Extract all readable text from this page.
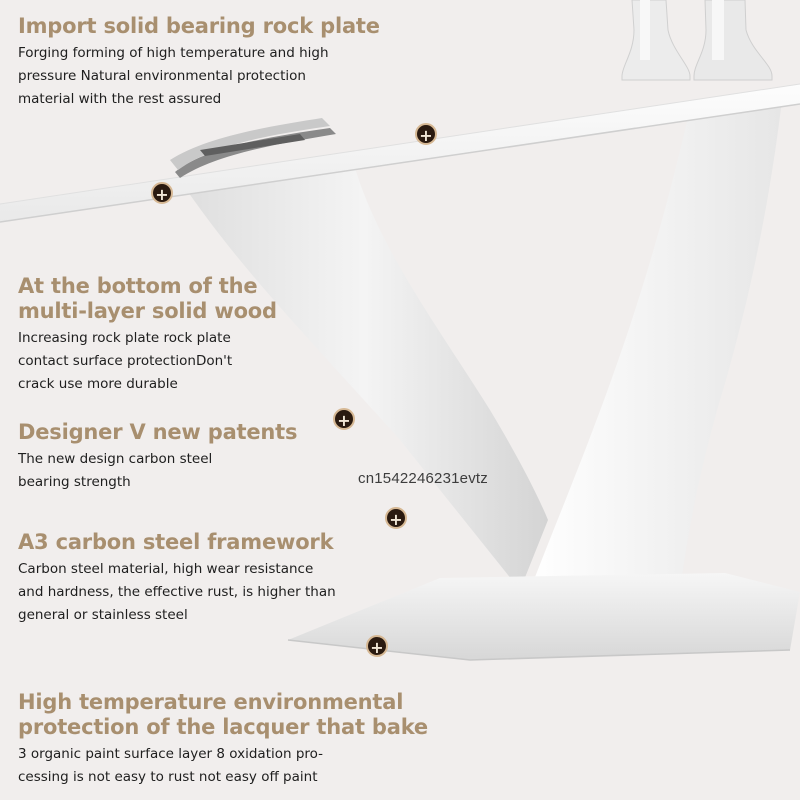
Import solid bearing rock plate
Forging forming of high temperature and high
pressure Natural environmental protection
material with the rest assured
At the bottom of the
multi-layer solid wood
Increasing rock plate rock plate
contact surface protectionDon't
crack use more durable
Designer V new patents
The new design carbon steel
bearing strength
A3 carbon steel framework
Carbon steel material, high wear resistance
and hardness, the effective rust, is higher than
general or stainless steel
High temperature environmental
protection of the lacquer that bake
3 organic paint surface layer 8 oxidation pro-
cessing is not easy to rust not easy off paint
+
+
+
+
+
cn1542246231evtz
